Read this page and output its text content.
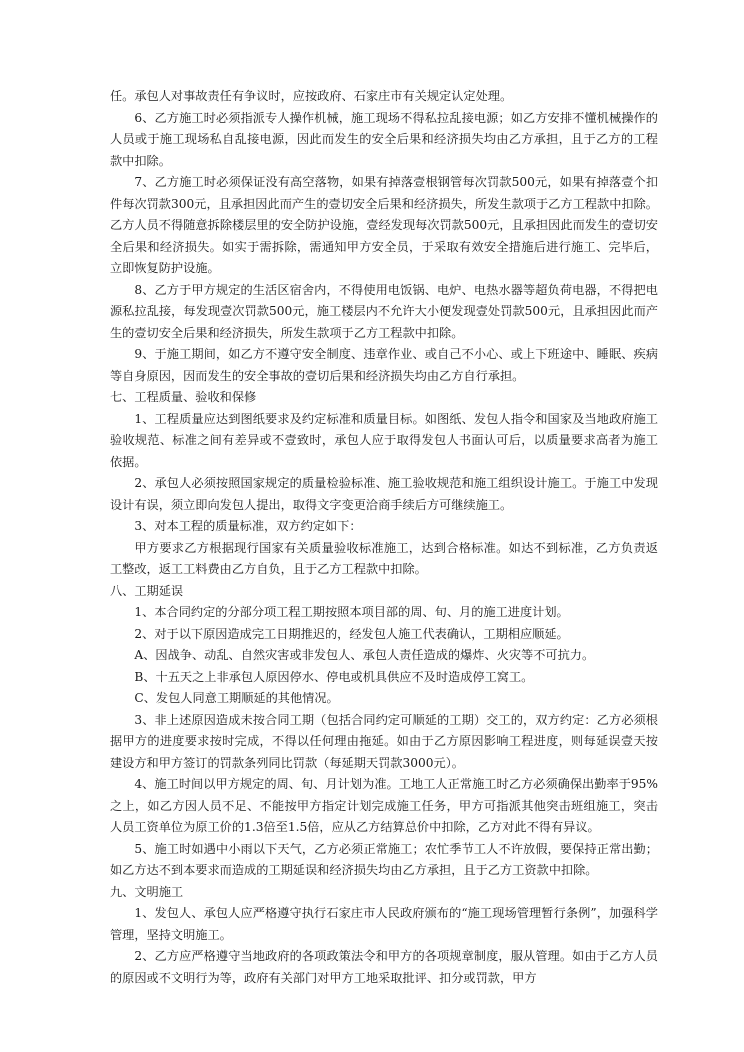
任。承包人对事故责任有争议时，应按政府、石家庄市有关规定认定处理。

6、乙方施工时必须指派专人操作机械，施工现场不得私拉乱接电源；如乙方安排不懂机械操作的人员或于施工现场私自乱接电源，因此而发生的安全后果和经济损失均由乙方承担，且于乙方的工程款中扣除。

7、乙方施工时必须保证没有高空落物，如果有掉落壹根钢管每次罚款500元，如果有掉落壹个扣件每次罚款300元，且承担因此而产生的壹切安全后果和经济损失，所发生款项于乙方工程款中扣除。乙方人员不得随意拆除楼层里的安全防护设施，壹经发现每次罚款500元，且承担因此而发生的壹切安全后果和经济损失。如实于需拆除，需通知甲方安全员，于采取有效安全措施后进行施工、完毕后，立即恢复防护设施。

8、乙方于甲方规定的生活区宿舍内，不得使用电饭锅、电炉、电热水器等超负荷电器，不得把电源私拉乱接，每发现壹次罚款500元，施工楼层内不允许大小便发现壹处罚款500元，且承担因此而产生的壹切安全后果和经济损失，所发生款项于乙方工程款中扣除。

9、于施工期间，如乙方不遵守安全制度、违章作业、或自己不小心、或上下班途中、睡眠、疾病等自身原因，因而发生的安全事故的壹切后果和经济损失均由乙方自行承担。

七、工程质量、验收和保修

1、工程质量应达到图纸要求及约定标准和质量目标。如图纸、发包人指令和国家及当地政府施工验收规范、标准之间有差异或不壹致时，承包人应于取得发包人书面认可后，以质量要求高者为施工依据。

2、承包人必须按照国家规定的质量检验标准、施工验收规范和施工组织设计施工。于施工中发现设计有误，须立即向发包人提出，取得文字变更洽商手续后方可继续施工。

3、对本工程的质量标准，双方约定如下：

甲方要求乙方根据现行国家有关质量验收标准施工，达到合格标准。如达不到标准，乙方负责返工整改，返工工料费由乙方自负，且于乙方工程款中扣除。

八、工期延误

1、本合同约定的分部分项工程工期按照本项目部的周、旬、月的施工进度计划。

2、对于以下原因造成完工日期推迟的，经发包人施工代表确认，工期相应顺延。

A、因战争、动乱、自然灾害或非发包人、承包人责任造成的爆炸、火灾等不可抗力。

B、十五天之上非承包人原因停水、停电或机具供应不及时造成停工窝工。

C、发包人同意工期顺延的其他情况。

3、非上述原因造成未按合同工期（包括合同约定可顺延的工期）交工的，双方约定：乙方必须根据甲方的进度要求按时完成，不得以任何理由拖延。如由于乙方原因影响工程进度，则每延误壹天按建设方和甲方签订的罚款条列同比罚款（每延期天罚款3000元）。

4、施工时间以甲方规定的周、旬、月计划为准。工地工人正常施工时乙方必须确保出勤率于95%之上，如乙方因人员不足、不能按甲方指定计划完成施工任务，甲方可指派其他突击班组施工，突击人员工资单位为原工价的1.3倍至1.5倍，应从乙方结算总价中扣除，乙方对此不得有异议。

5、施工时如遇中小雨以下天气，乙方必须正常施工；农忙季节工人不许放假，要保持正常出勤；如乙方达不到本要求而造成的工期延误和经济损失均由乙方承担，且于乙方工资款中扣除。

九、文明施工

1、发包人、承包人应严格遵守执行石家庄市人民政府颁布的“施工现场管理暂行条例”，加强科学管理，坚持文明施工。

2、乙方应严格遵守当地政府的各项政策法令和甲方的各项规章制度，服从管理。如由于乙方人员的原因或不文明行为等，政府有关部门对甲方工地采取批评、扣分或罚款，甲方
